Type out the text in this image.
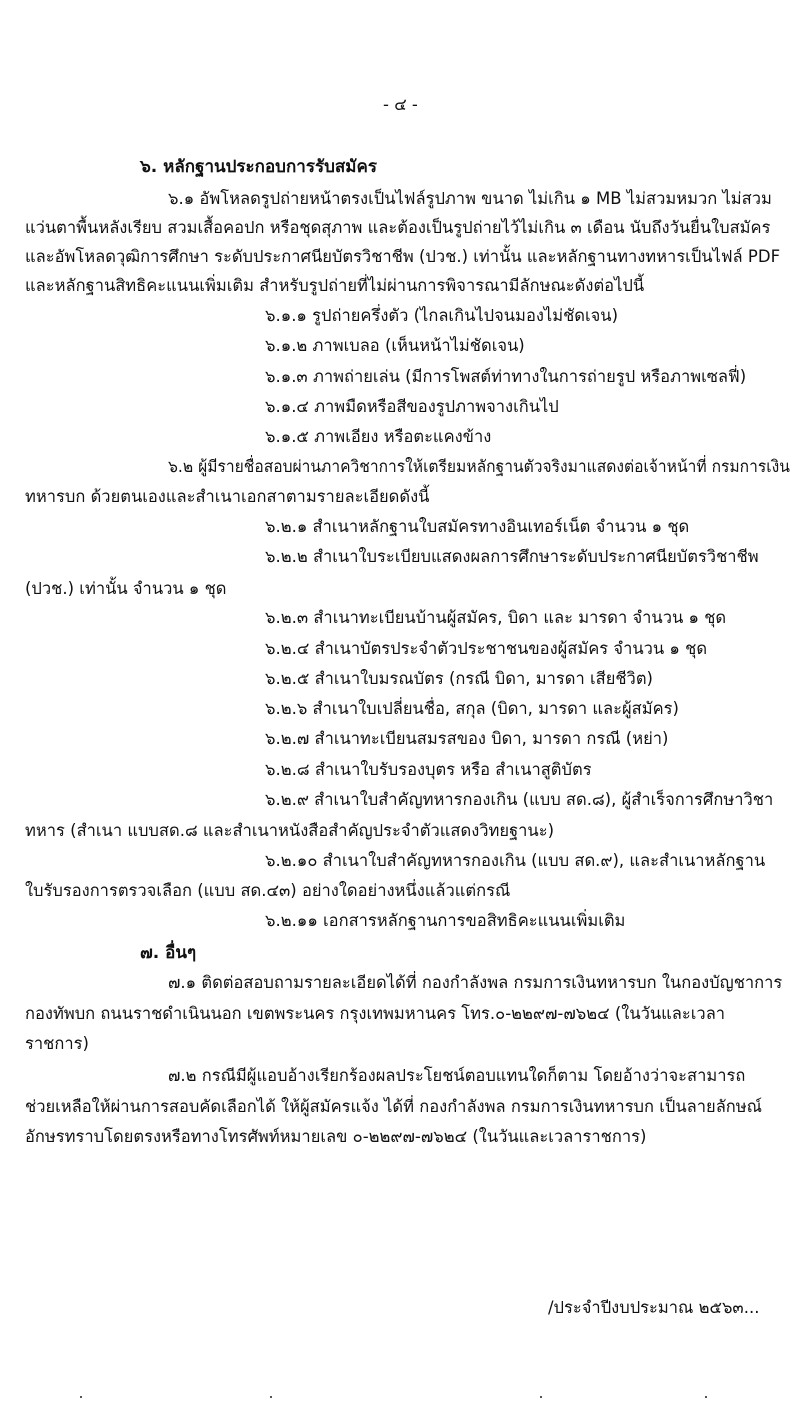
- ๔ -
๖. หลักฐานประกอบการรับสมัคร
๖.๑ อัพโหลดรูปถ่ายหน้าตรงเป็นไฟล์รูปภาพ ขนาด ไม่เกิน ๑ MB ไม่สวมหมวก ไม่สวม
แว่นตาพื้นหลังเรียบ สวมเสื้อคอปก หรือชุดสุภาพ และต้องเป็นรูปถ่ายไว้ไม่เกิน ๓ เดือน นับถึงวันยื่นใบสมัคร
และอัพโหลดวุฒิการศึกษา ระดับประกาศนียบัตรวิชาชีพ (ปวช.) เท่านั้น และหลักฐานทางทหารเป็นไฟล์ PDF
และหลักฐานสิทธิคะแนนเพิ่มเติม สำหรับรูปถ่ายที่ไม่ผ่านการพิจารณามีลักษณะดังต่อไปนี้
๖.๑.๑ รูปถ่ายครึ่งตัว (ไกลเกินไปจนมองไม่ชัดเจน)
๖.๑.๒ ภาพเบลอ (เห็นหน้าไม่ชัดเจน)
๖.๑.๓ ภาพถ่ายเล่น (มีการโพสต์ท่าทางในการถ่ายรูป หรือภาพเซลฟี่)
๖.๑.๔ ภาพมืดหรือสีของรูปภาพจางเกินไป
๖.๑.๕ ภาพเอียง หรือตะแคงข้าง
๖.๒ ผู้มีรายชื่อสอบผ่านภาควิชาการให้เตรียมหลักฐานตัวจริงมาแสดงต่อเจ้าหน้าที่ กรมการเงิน
ทหารบก ด้วยตนเองและสำเนาเอกสาตามรายละเอียดดังนี้
๖.๒.๑ สำเนาหลักฐานใบสมัครทางอินเทอร์เน็ต จำนวน ๑ ชุด
๖.๒.๒ สำเนาใบระเบียบแสดงผลการศึกษาระดับประกาศนียบัตรวิชาชีพ
(ปวช.) เท่านั้น จำนวน ๑ ชุด
๖.๒.๓ สำเนาทะเบียนบ้านผู้สมัคร, บิดา และ มารดา จำนวน ๑ ชุด
๖.๒.๔ สำเนาบัตรประจำตัวประชาชนของผู้สมัคร จำนวน ๑ ชุด
๖.๒.๕ สำเนาใบมรณบัตร (กรณี บิดา, มารดา เสียชีวิต)
๖.๒.๖ สำเนาใบเปลี่ยนชื่อ, สกุล (บิดา, มารดา และผู้สมัคร)
๖.๒.๗ สำเนาทะเบียนสมรสของ บิดา, มารดา กรณี (หย่า)
๖.๒.๘ สำเนาใบรับรองบุตร หรือ สำเนาสูติบัตร
๖.๒.๙ สำเนาใบสำคัญทหารกองเกิน (แบบ สด.๘), ผู้สำเร็จการศึกษาวิชา
ทหาร (สำเนา แบบสด.๘ และสำเนาหนังสือสำคัญประจำตัวแสดงวิทยฐานะ)
๖.๒.๑๐ สำเนาใบสำคัญทหารกองเกิน (แบบ สด.๙), และสำเนาหลักฐาน
ใบรับรองการตรวจเลือก (แบบ สด.๔๓) อย่างใดอย่างหนึ่งแล้วแต่กรณี
๖.๒.๑๑ เอกสารหลักฐานการขอสิทธิคะแนนเพิ่มเติม
๗. อื่นๆ
๗.๑ ติดต่อสอบถามรายละเอียดได้ที่ กองกำลังพล กรมการเงินทหารบก ในกองบัญชาการ
กองทัพบก ถนนราชดำเนินนอก เขตพระนคร กรุงเทพมหานคร โทร.๐-๒๒๙๗-๗๖๒๔ (ในวันและเวลา
ราชการ)
๗.๒ กรณีมีผู้แอบอ้างเรียกร้องผลประโยชน์ตอบแทนใดก็ตาม โดยอ้างว่าจะสามารถ
ช่วยเหลือให้ผ่านการสอบคัดเลือกได้ ให้ผู้สมัครแจ้ง ได้ที่ กองกำลังพล กรมการเงินทหารบก เป็นลายลักษณ์
อักษรทราบโดยตรงหรือทางโทรศัพท์หมายเลข ๐-๒๒๙๗-๗๖๒๔ (ในวันและเวลาราชการ)
/ประจำปีงบประมาณ ๒๕๖๓...
